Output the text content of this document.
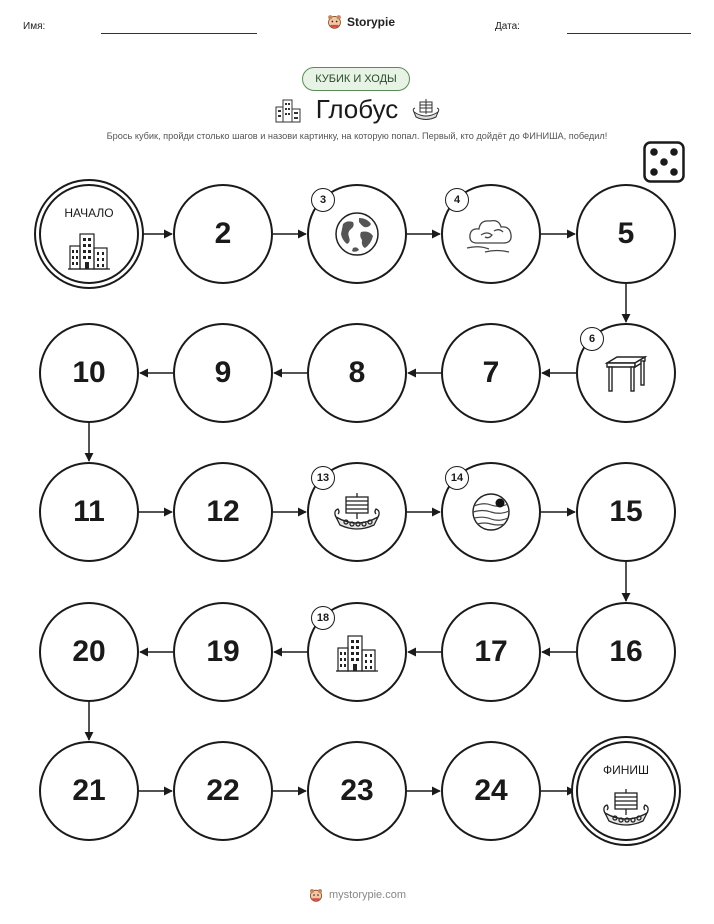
Имя:	Storypie	Дата:
КУБИК И ХОДЫ
Глобус
Брось кубик, пройди столько шагов и назови картинку, на которую попал. Первый, кто дойдёт до ФИНИША, победил!
НАЧАЛО
2
3	4
5
6
7
8
9
10
11	12
13	14
15
16
17
18
19
20
21	22	23	24
ФИНИШ
mystorypie.com
